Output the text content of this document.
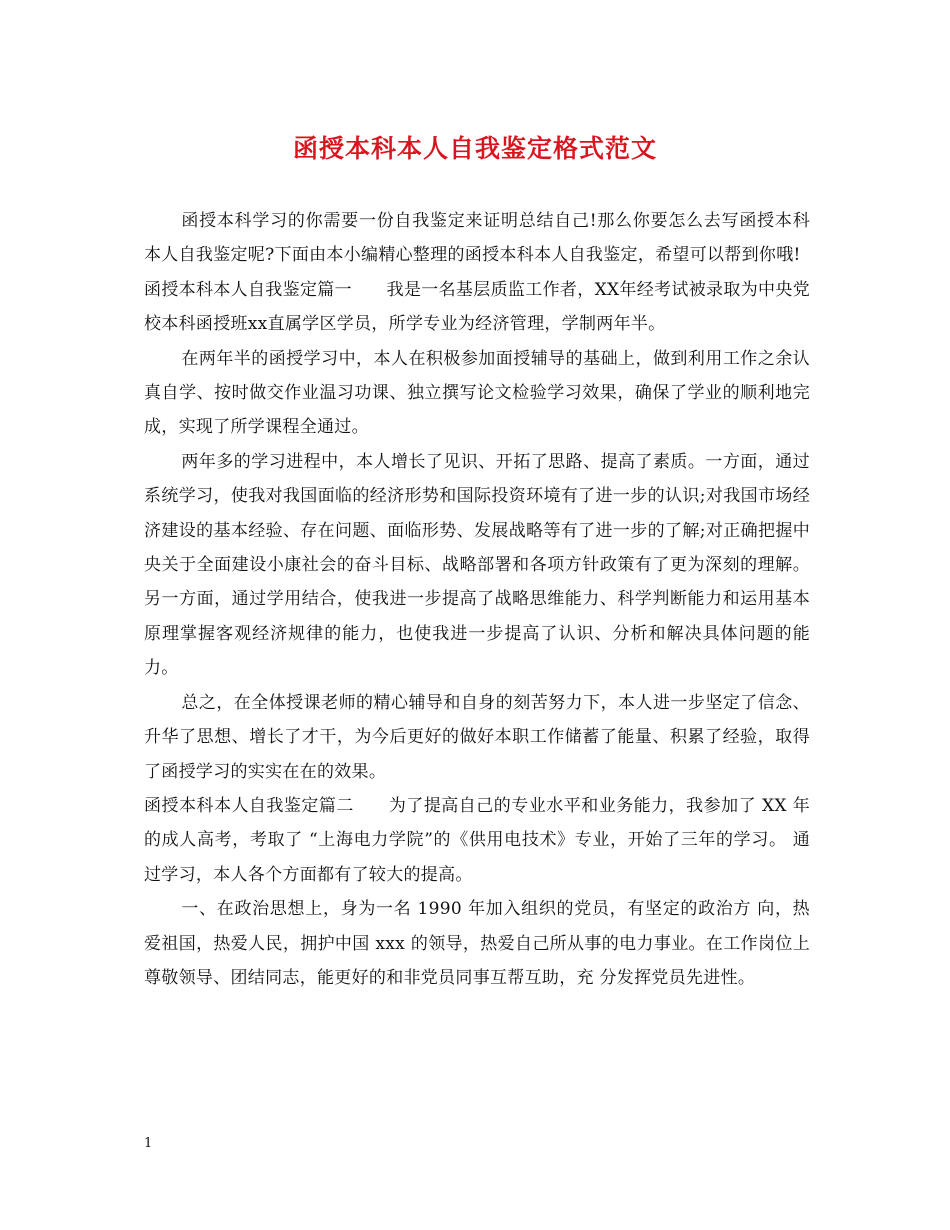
函授本科本人自我鉴定格式范文

函授本科学习的你需要一份自我鉴定来证明总结自己!那么你要怎么去写函授本科本人自我鉴定呢?下面由本小编精心整理的函授本科本人自我鉴定，希望可以帮到你哦!

函授本科本人自我鉴定篇一　　我是一名基层质监工作者，XX年经考试被录取为中央党校本科函授班xx直属学区学员，所学专业为经济管理，学制两年半。

在两年半的函授学习中，本人在积极参加面授辅导的基础上，做到利用工作之余认真自学、按时做交作业温习功课、独立撰写论文检验学习效果，确保了学业的顺利地完成，实现了所学课程全通过。

两年多的学习进程中，本人增长了见识、开拓了思路、提高了素质。一方面，通过系统学习，使我对我国面临的经济形势和国际投资环境有了进一步的认识;对我国市场经济建设的基本经验、存在问题、面临形势、发展战略等有了进一步的了解;对正确把握中央关于全面建设小康社会的奋斗目标、战略部署和各项方针政策有了更为深刻的理解。另一方面，通过学用结合，使我进一步提高了战略思维能力、科学判断能力和运用基本原理掌握客观经济规律的能力，也使我进一步提高了认识、分析和解决具体问题的能力。

总之，在全体授课老师的精心辅导和自身的刻苦努力下，本人进一步坚定了信念、升华了思想、增长了才干，为今后更好的做好本职工作储蓄了能量、积累了经验，取得了函授学习的实实在在的效果。

函授本科本人自我鉴定篇二　　为了提高自己的专业水平和业务能力，我参加了 XX 年的成人高考，考取了 “上海电力学院”的《供用电技术》专业，开始了三年的学习。 通过学习，本人各个方面都有了较大的提高。

一、在政治思想上，身为一名 1990 年加入组织的党员，有坚定的政治方 向，热爱祖国，热爱人民，拥护中国 xxx 的领导，热爱自己所从事的电力事业。在工作岗位上尊敬领导、团结同志，能更好的和非党员同事互帮互助，充 分发挥党员先进性。

1
